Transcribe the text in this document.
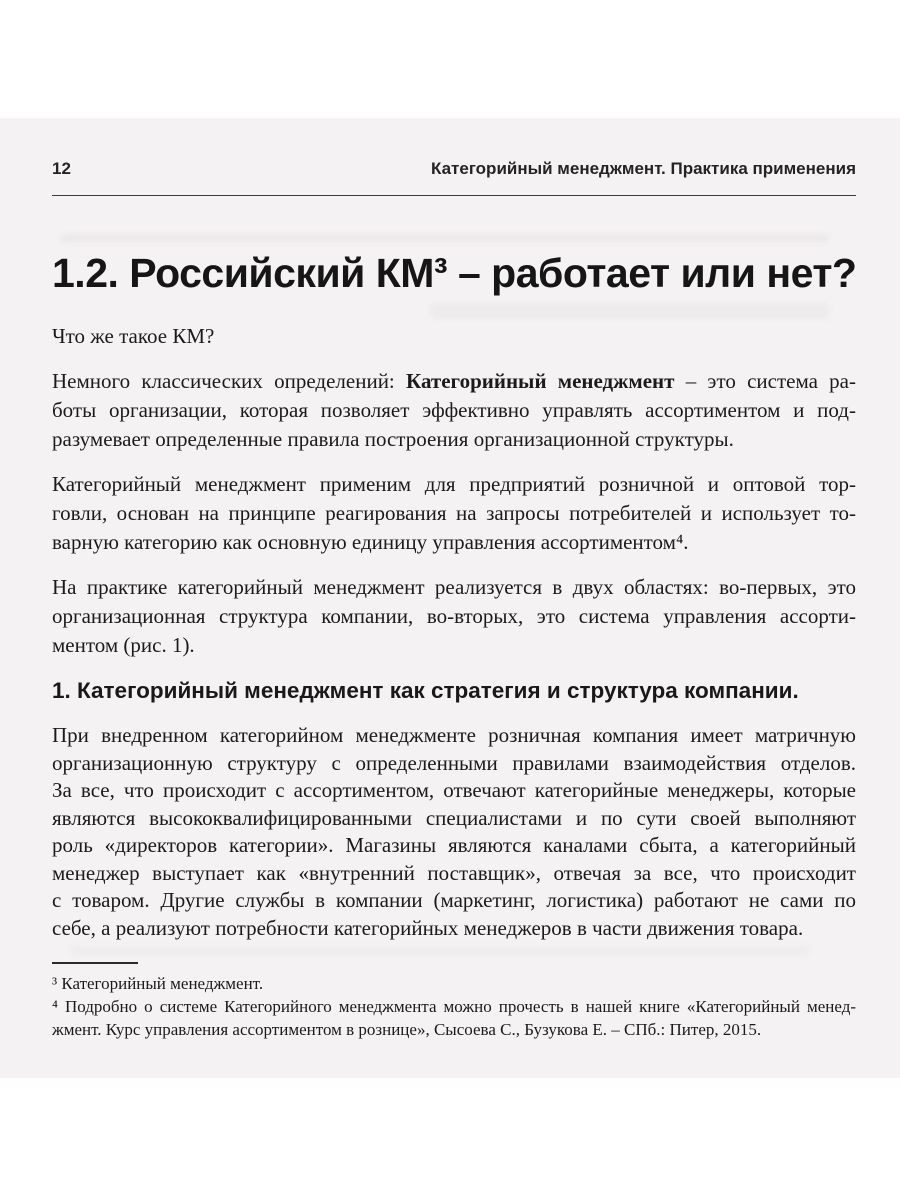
12	Категорийный менеджмент. Практика применения
1.2. Российский КМ³ – работает или нет?

Что же такое КМ?

Немного классических определений: Категорийный менеджмент – это система ра-
боты организации, которая позволяет эффективно управлять ассортиментом и под-
разумевает определенные правила построения организационной структуры.
Категорийный менеджмент применим для предприятий розничной и оптовой тор-
говли, основан на принципе реагирования на запросы потребителей и использует то-
варную категорию как основную единицу управления ассортиментом⁴.
На практике категорийный менеджмент реализуется в двух областях: во-первых, это
организационная структура компании, во-вторых, это система управления ассорти-
ментом (рис. 1).
1. Категорийный менеджмент как стратегия и структура компании.
При внедренном категорийном менеджменте розничная компания имеет матричную
организационную структуру с определенными правилами взаимодействия отделов.
За все, что происходит с ассортиментом, отвечают категорийные менеджеры, которые
являются высококвалифицированными специалистами и по сути своей выполняют
роль «директоров категории». Магазины являются каналами сбыта, а категорийный
менеджер выступает как «внутренний поставщик», отвечая за все, что происходит
с товаром. Другие службы в компании (маркетинг, логистика) работают не сами по
себе, а реализуют потребности категорийных менеджеров в части движения товара.
³ Категорийный менеджмент.
⁴ Подробно о системе Категорийного менеджмента можно прочесть в нашей книге «Категорийный менед-
жмент. Курс управления ассортиментом в рознице», Сысоева С., Бузукова Е. – СПб.: Питер, 2015.
